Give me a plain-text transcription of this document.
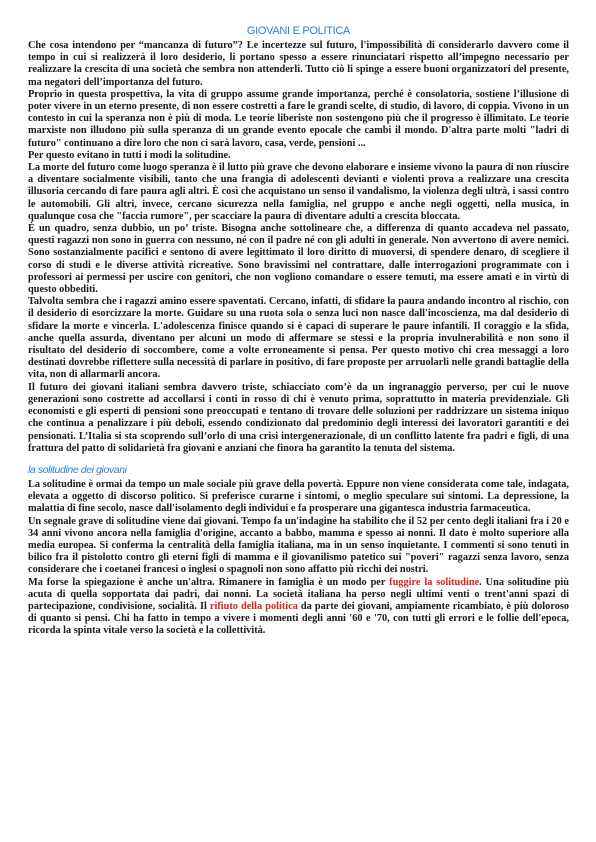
GIOVANI E POLITICA

Che cosa intendono per “mancanza di futuro”? Le incertezze sul futuro, l'impossibilità di considerarlo davvero come il tempo in cui si realizzerà il loro desiderio, li portano spesso a essere rinunciatari rispetto all’impegno necessario per realizzare la crescita di una società che sembra non attenderli. Tutto ciò li spinge a essere buoni organizzatori del presente, ma negatori dell’importanza del futuro.

Proprio in questa prospettiva, la vita di gruppo assume grande importanza, perché è consolatoria, sostiene l’illusione di poter vivere in un eterno presente, di non essere costretti a fare le grandi scelte, di studio, di lavoro, di coppia. Vivono in un contesto in cui la speranza non è più di moda. Le teorie liberiste non sostengono più che il progresso è illimitato. Le teorie marxiste non illudono più sulla speranza di un grande evento epocale che cambi il mondo. D'altra parte molti "ladri di futuro" continuano a dire loro che non ci sarà lavoro, casa, verde, pensioni ...

Per questo evitano in tutti i modi la solitudine.

La morte del futuro come luogo speranza è il lutto più grave che devono elaborare e insieme vivono la paura di non riuscire a diventare socialmente visibili, tanto che una frangia di adolescenti devianti e violenti prova a realizzare una crescita illusoria cercando di fare paura agli altri. È così che acquistano un senso il vandalismo, la violenza degli ultrà, i sassi contro le automobili. Gli altri, invece, cercano sicurezza nella famiglia, nel gruppo e anche negli oggetti, nella musica, in qualunque cosa che "faccia rumore", per scacciare la paura di diventare adulti a crescita bloccata.

È un quadro, senza dubbio, un po’ triste. Bisogna anche sottolineare che, a differenza di quanto accadeva nel passato, questi ragazzi non sono in guerra con nessuno, né con il padre né con gli adulti in generale. Non avvertono di avere nemici. Sono sostanzialmente pacifici e sentono di avere legittimato il loro diritto di muoversi, di spendere denaro, di scegliere il corso di studi e le diverse attività ricreative. Sono bravissimi nel contrattare, dalle interrogazioni programmate con i professori ai permessi per uscire con genitori, che non vogliono comandare o essere temuti, ma essere amati e in virtù di questo obbediti.

Talvolta sembra che i ragazzi amino essere spaventati. Cercano, infatti, di sfidare la paura andando incontro al rischio, con il desiderio di esorcizzare la morte. Guidare su una ruota sola o senza luci non nasce dall'incoscienza, ma dal desiderio di sfidare la morte e vincerla. L'adolescenza finisce quando si è capaci di superare le paure infantili. Il coraggio e la sfida, anche quella assurda, diventano per alcuni un modo di affermare se stessi e la propria invulnerabilità e non sono il risultato del desiderio di soccombere, come a volte erroneamente si pensa. Per questo motivo chi crea messaggi a loro destinati dovrebbe riflettere sulla necessità di parlare in positivo, di fare proposte per arruolarli nelle grandi battaglie della vita, non di allarmarli ancora.

Il futuro dei giovani italiani sembra davvero triste, schiacciato com’è da un ingranaggio perverso, per cui le nuove generazioni sono costrette ad accollarsi i conti in rosso di chi è venuto prima, soprattutto in materia previdenziale. Gli economisti e gli esperti di pensioni sono preoccupati e tentano di trovare delle soluzioni per raddrizzare un sistema iniquo che continua a penalizzare i più deboli, essendo condizionato dal predominio degli interessi dei lavoratori garantiti e dei pensionati. L’Italia si sta scoprendo sull’orlo di una crisi intergenerazionale, di un conflitto latente fra padri e figli, di una frattura del patto di solidarietà fra giovani e anziani che finora ha garantito la tenuta del sistema.

la solitudine dei giovani

La solitudine è ormai da tempo un male sociale più grave della povertà. Eppure non viene considerata come tale, indagata, elevata a oggetto di discorso politico. Si preferisce curarne i sintomi, o meglio speculare sui sintomi. La depressione, la malattia di fine secolo, nasce dall'isolamento degli individui e fa prosperare una gigantesca industria farmaceutica.

Un segnale grave di solitudine viene dai giovani. Tempo fa un'indagine ha stabilito che il 52 per cento degli italiani fra i 20 e 34 anni vivono ancora nella famiglia d'origine, accanto a babbo, mamma e spesso ai nonni. Il dato è molto superiore alla media europea. Si conferma la centralità della famiglia italiana, ma in un senso inquietante. I commenti si sono tenuti in bilico fra il pistolotto contro gli eterni figli di mamma e il giovanilismo patetico sui "poveri" ragazzi senza lavoro, senza considerare che i coetanei francesi o inglesi o spagnoli non sono affatto più ricchi dei nostri.

Ma forse la spiegazione è anche un'altra. Rimanere in famiglia è un modo per fuggire la solitudine. Una solitudine più acuta di quella sopportata dai padri, dai nonni. La società italiana ha perso negli ultimi venti o trent'anni spazi di partecipazione, condivisione, socialità. Il rifiuto della politica da parte dei giovani, ampiamente ricambiato, è più doloroso di quanto si pensi. Chi ha fatto in tempo a vivere i momenti degli anni '60 e '70, con tutti gli errori e le follie dell'epoca, ricorda la spinta vitale verso la società e la collettività.
